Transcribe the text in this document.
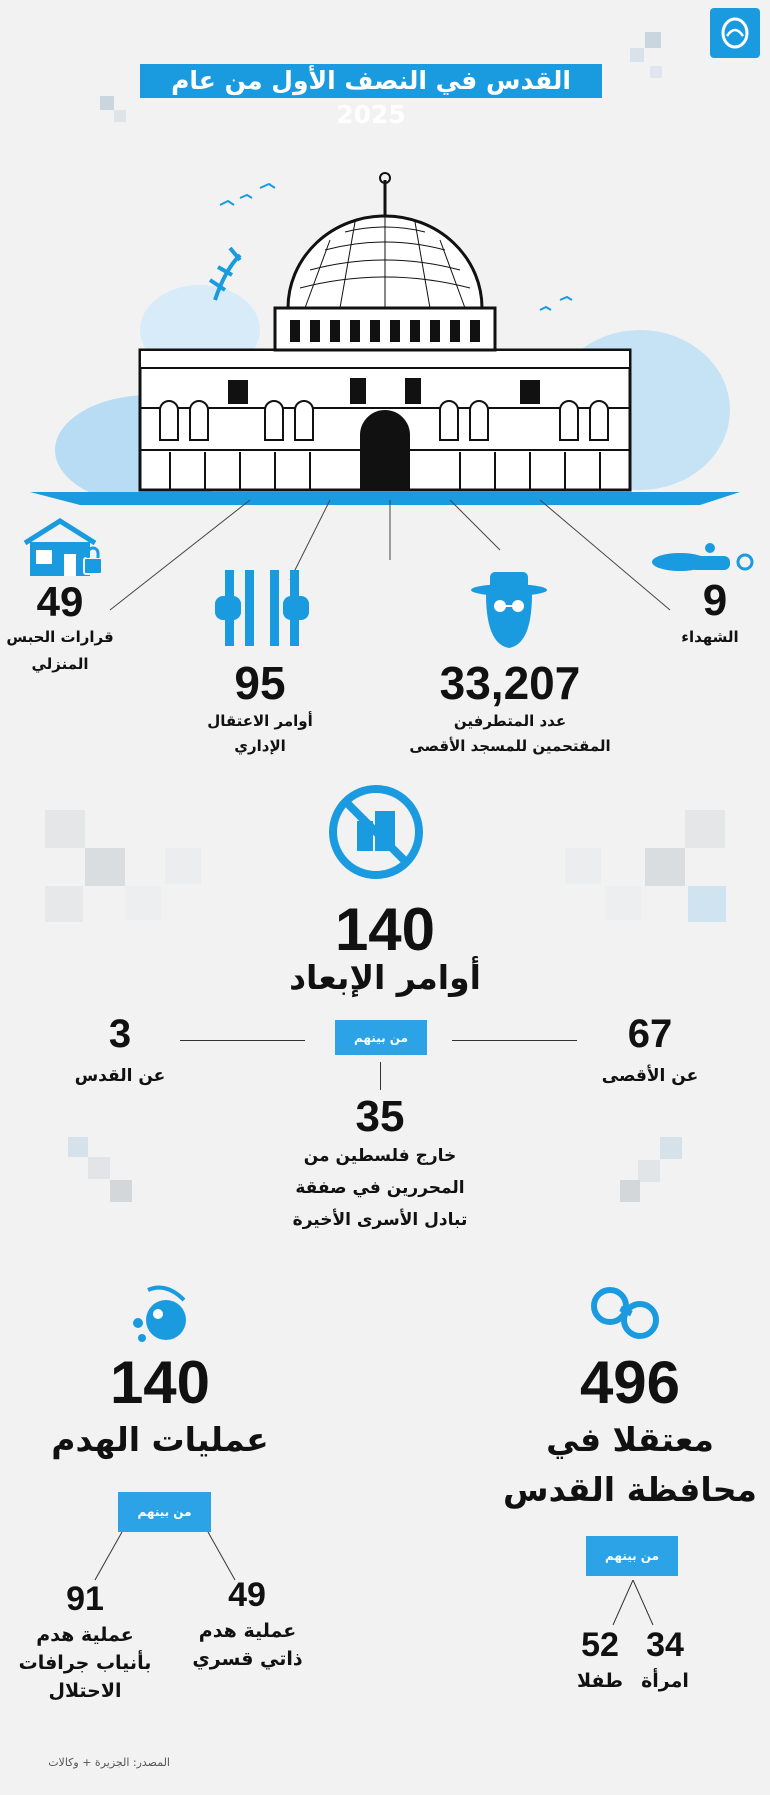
القدس في النصف الأول من عام 2025
49
قرارات الحبس
المنزلي	95
أوامر الاعتقال
الإداري
33,207
عدد المتطرفين
المقتحمين للمسجد الأقصى
9
الشهداء
140
أوامر الإبعاد
من بينهم
3
عن القدس
67
عن الأقصى
35
خارج فلسطين من
المحررين في صفقة
تبادل الأسرى الأخيرة
140
عمليات الهدم
من بينهم
91
عملية هدم
بأنياب جرافات
الاحتلال
49
عملية هدم
ذاتي قسري
496
معتقلا في
محافظة القدس
من بينهم
52
طفلا
34
امرأة
المصدر: الجزيرة + وكالات
